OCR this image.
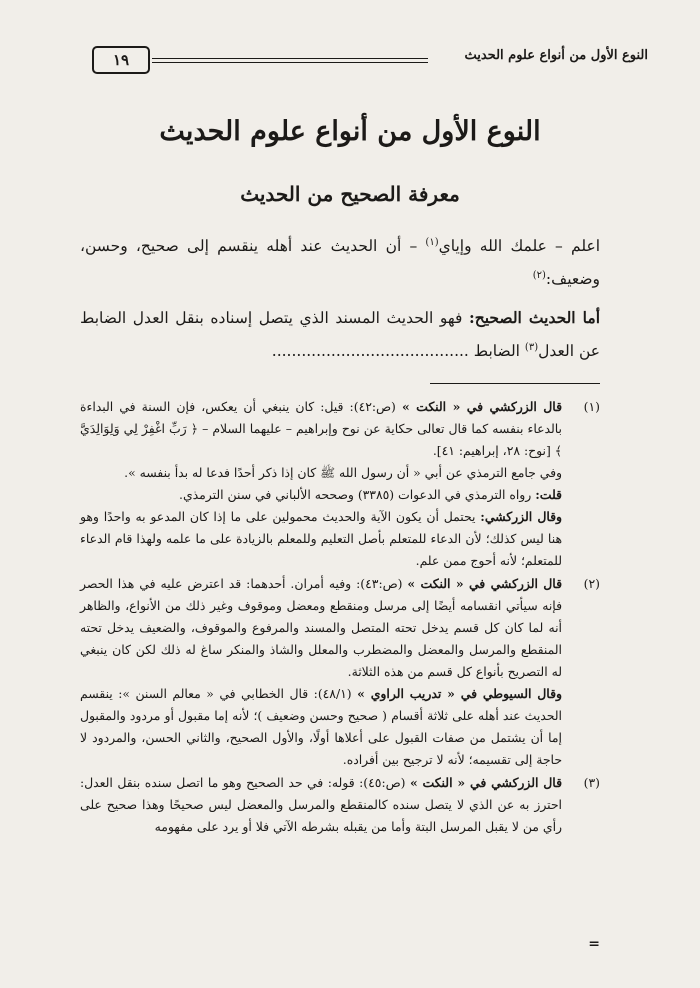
النوع الأول من أنواع علوم الحديث
١٩
النوع الأول من أنواع علوم الحديث
معرفة الصحيح من الحديث
اعلم – علمك الله وإياي$^{(١)}$ – أن الحديث عند أهله ينقسم إلى صحيح، وحسن، وضعيف:$^{(٢)}$
أما الحديث الصحيح: فهو الحديث المسند الذي يتصل إسناده بنقل العدل الضابط عن العدل$^{(٣)}$ الضابط ........................................
(١)

قال الزركشي في « النكت » (ص:٤٢): قيل: كان ينبغي أن يعكس، فإن السنة في البداءة بالدعاء بنفسه كما قال تعالى حكاية عن نوح وإبراهيم – عليهما السلام – ﴿ رَبِّ اغْفِرْ لِي وَلِوَالِدَيَّ ﴾ [نوح: ٢٨، إبراهيم: ٤١].

وفي جامع الترمذي عن أبي « أن رسول الله ﷺ كان إذا ذكر أحدًا فدعا له بدأ بنفسه ».

قلت: رواه الترمذي في الدعوات (٣٣٨٥) وصححه الألباني في سنن الترمذي.

وقال الزركشي: يحتمل أن يكون الآية والحديث محمولين على ما إذا كان المدعو به واحدًا وهو هنا ليس كذلك؛ لأن الدعاء للمتعلم بأصل التعليم وللمعلم بالزيادة على ما علمه ولهذا قام الدعاء للمتعلم؛ لأنه أحوج ممن علم.

(٢)

قال الزركشي في « النكت » (ص:٤٣): وفيه أمران. أحدهما: قد اعترض عليه في هذا الحصر فإنه سيأتي انقسامه أيضًا إلى مرسل ومنقطع ومعضل وموقوف وغير ذلك من الأنواع، والظاهر أنه لما كان كل قسم يدخل تحته المتصل والمسند والمرفوع والموقوف، والضعيف يدخل تحته المنقطع والمرسل والمعضل والمضطرب والمعلل والشاذ والمنكر ساغ له ذلك لكن كان ينبغي له التصريح بأنواع كل قسم من هذه الثلاثة.

وقال السيوطي في « تدريب الراوي » (٤٨/١): قال الخطابي في « معالم السنن »: ينقسم الحديث عند أهله على ثلاثة أقسام ( صحيح وحسن وضعيف )؛ لأنه إما مقبول أو مردود والمقبول إما أن يشتمل من صفات القبول على أعلاها أولًا، والأول الصحيح، والثاني الحسن، والمردود لا حاجة إلى تقسيمه؛ لأنه لا ترجيح بين أفراده.

(٣)

قال الزركشي في « النكت » (ص:٤٥): قوله: في حد الصحيح وهو ما اتصل سنده بنقل العدل: احترز به عن الذي لا يتصل سنده كالمنقطع والمرسل والمعضل ليس صحيحًا وهذا صحيح على رأي من لا يقبل المرسل البتة وأما من يقبله بشرطه الآتي فلا أو يرد على مفهومه

=
